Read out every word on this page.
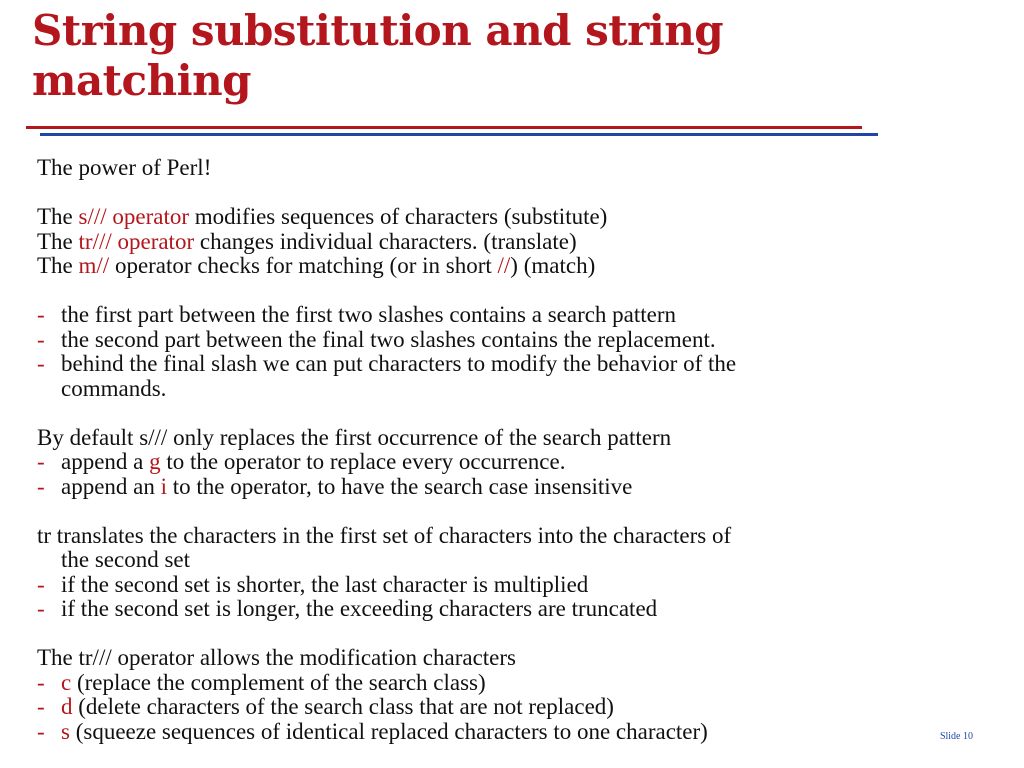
String substitution and string
matching
The power of Perl!
The s/// operator modifies sequences of characters (substitute)
The tr/// operator changes individual characters. (translate)
The m// operator checks for matching (or in short //) (match)
- the first part between the first two slashes contains a search pattern
- the second part between the final two slashes contains the replacement.
- behind the final slash we can put characters to modify the behavior of the
commands.
By default s/// only replaces the first occurrence of the search pattern
- append a g to the operator to replace every occurrence.
- append an i to the operator, to have the search case insensitive
tr translates the characters in the first set of characters into the characters of
the second set
- if the second set is shorter, the last character is multiplied
- if the second set is longer, the exceeding characters are truncated
The tr/// operator allows the modification characters
- c (replace the complement of the search class)
- d (delete characters of the search class that are not replaced)
- s (squeeze sequences of identical replaced characters to one character)	Slide 10
